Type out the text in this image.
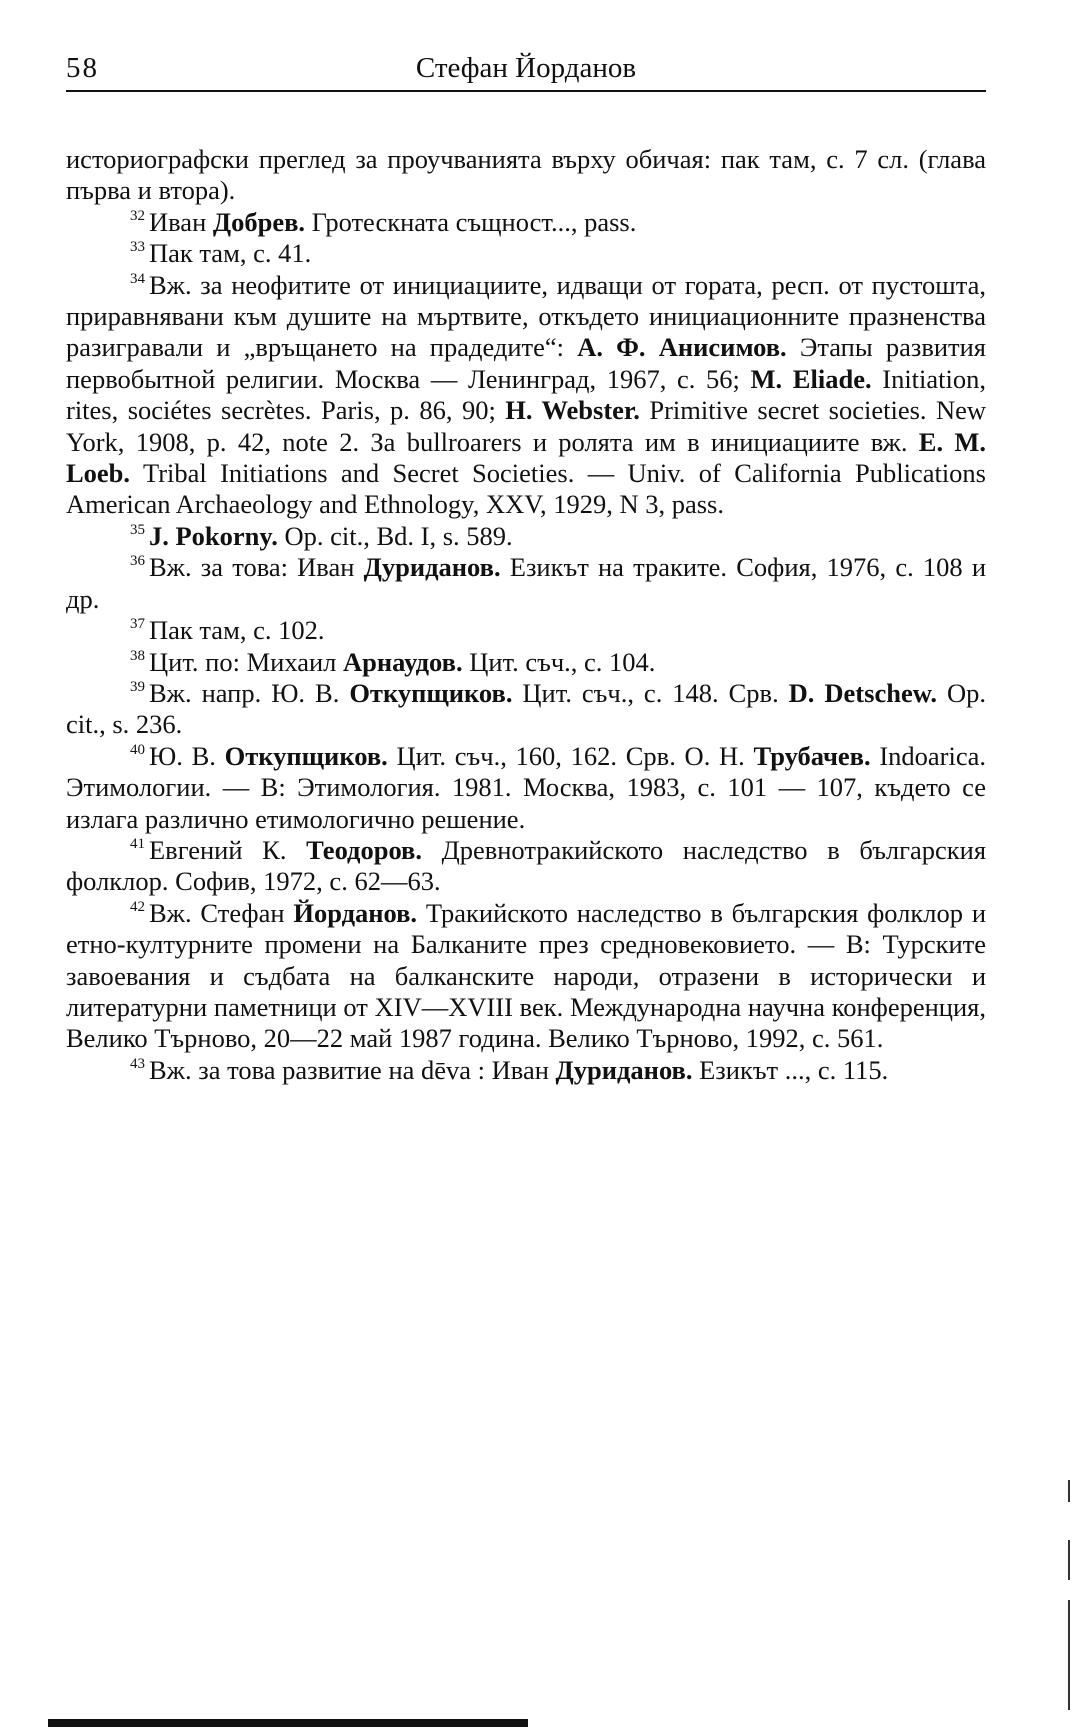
58	Стефан Йорданов

историографски преглед за проучванията върху обичая: пак там, с. 7 сл. (глава първа и втора).

$^{32}$ Иван Добрев. Гротескната същност..., pass.

$^{33}$ Пак там, с. 41.

$^{34}$ Вж. за неофитите от инициациите, идващи от гората, респ. от пустошта, приравнявани към душите на мъртвите, откъдето инициационните празненства разигравали и „връщането на прадедите“: А. Ф. Анисимов. Этапы развития первобытной религии. Москва — Ленинград, 1967, с. 56; M. Eliade. Initiation, rites, sociétes secrètes. Paris, p. 86, 90; H. Webster. Primitive secret societies. New York, 1908, p. 42, note 2. За bullroarers и ролята им в инициациите вж. E. M. Loeb. Tribal Initiations and Secret Societies. — Univ. of California Publications American Archaeology and Ethnology, XXV, 1929, N 3, pass.

$^{35}$ J. Pokorny. Op. cit., Bd. I, s. 589.

$^{36}$ Вж. за това: Иван Дуриданов. Езикът на траките. София, 1976, с. 108 и др.

$^{37}$ Пак там, с. 102.

$^{38}$ Цит. по: Михаил Арнаудов. Цит. съч., с. 104.

$^{39}$ Вж. напр. Ю. В. Откупщиков. Цит. съч., с. 148. Срв. D. Detschew. Op. cit., s. 236.

$^{40}$ Ю. В. Откупщиков. Цит. съч., 160, 162. Срв. О. Н. Трубачев. Indoarica. Этимологии. — В: Этимология. 1981. Москва, 1983, с. 101 — 107, където се излага различно етимологично решение.

$^{41}$ Евгений К. Теодоров. Древнотракийското наследство в българския фолклор. Софив, 1972, с. 62—63.

$^{42}$ Вж. Стефан Йорданов. Тракийското наследство в българския фолклор и етно-културните промени на Балканите през средновековието. — В: Турските завоевания и съдбата на балканските народи, отразени в исторически и литературни паметници от XIV—XVIII век. Международна научна конференция, Велико Търново, 20—22 май 1987 година. Велико Търново, 1992, с. 561.

$^{43}$ Вж. за това развитие на dēva : Иван Дуриданов. Езикът ..., с. 115.
